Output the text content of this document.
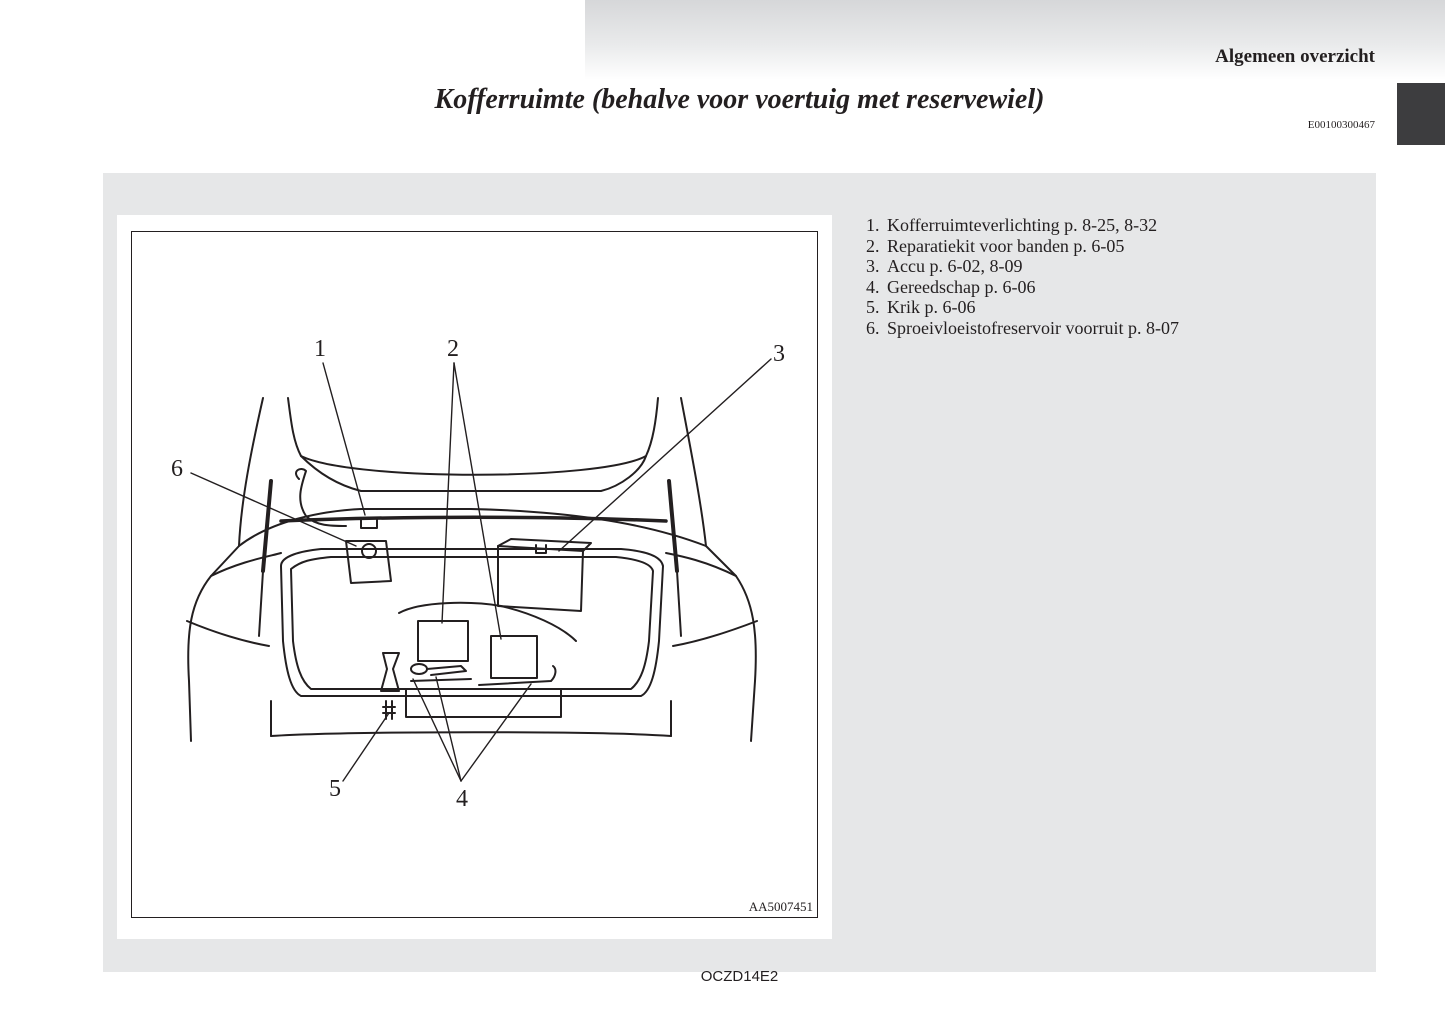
Algemeen overzicht
Kofferruimte (behalve voor voertuig met reservewiel)
E00100300467
1	2	3
4
5
6
AA5007451
1. Kofferruimteverlichting p. 8-25, 8-32
2. Reparatiekit voor banden p. 6-05
3. Accu p. 6-02, 8-09
4. Gereedschap p. 6-06
5. Krik p. 6-06
6. Sproeivloeistofreservoir voorruit p. 8-07
OCZD14E2
